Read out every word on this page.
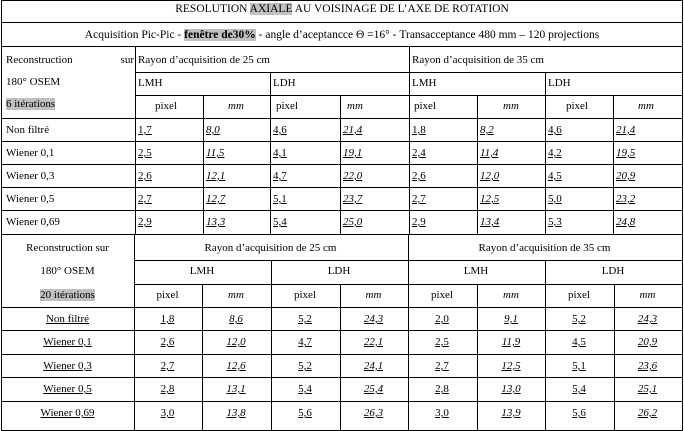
RESOLUTION AXIALE AU VOISINAGE DE L’AXE DE ROTATION
Acquisition Pic-Pic - fenêtre de30% - angle d’aceptancce Θ =16° - Transacceptance 480 mm – 120 projections
Reconstruction	sur
180° OSEM
6 itérations
Rayon d’acquisition de 25 cm	Rayon d’acquisition de 35 cm
LMH	LDH	LMH	LDH
pixel	mm	pixel	mm	pixel	mm	pixel	mm
Non filtré	1,7	8,0	4,6	21,4	1,8	8,2	4,6	21,4
Wiener 0,1	2,5	11,5	4,1	19,1	2,4	11,4	4,2	19,5
Wiener 0,3	2,6	12,1	4,7	22,0	2,6	12,0	4,5	20,9
Wiener 0,5	2,7	12,7	5,1	23,7	2,7	12,5	5,0	23,2
Wiener 0,69	2,9	13,3	5,4	25,0	2,9	13,4	5,3	24,8
Reconstruction sur
180° OSEM
20 itérations
Rayon d’acquisition de 25 cm	Rayon d’acquisition de 35 cm
LMH	LDH	LMH	LDH
pixel	mm	pixel	mm	pixel	mm	pixel	mm
Non filtré	1,8	8,6	5,2	24,3	2,0	9,1	5,2	24,3
Wiener 0,1	2,6	12,0	4,7	22,1	2,5	11,9	4,5	20,9
Wiener 0,3	2,7	12,6	5,2	24,1	2,7	12,5	5,1	23,6
Wiener 0,5	2,8	13,1	5,4	25,4	2,8	13,0	5,4	25,1
Wiener 0,69	3,0	13,8	5,6	26,3	3,0	13,9	5,6	26,2
